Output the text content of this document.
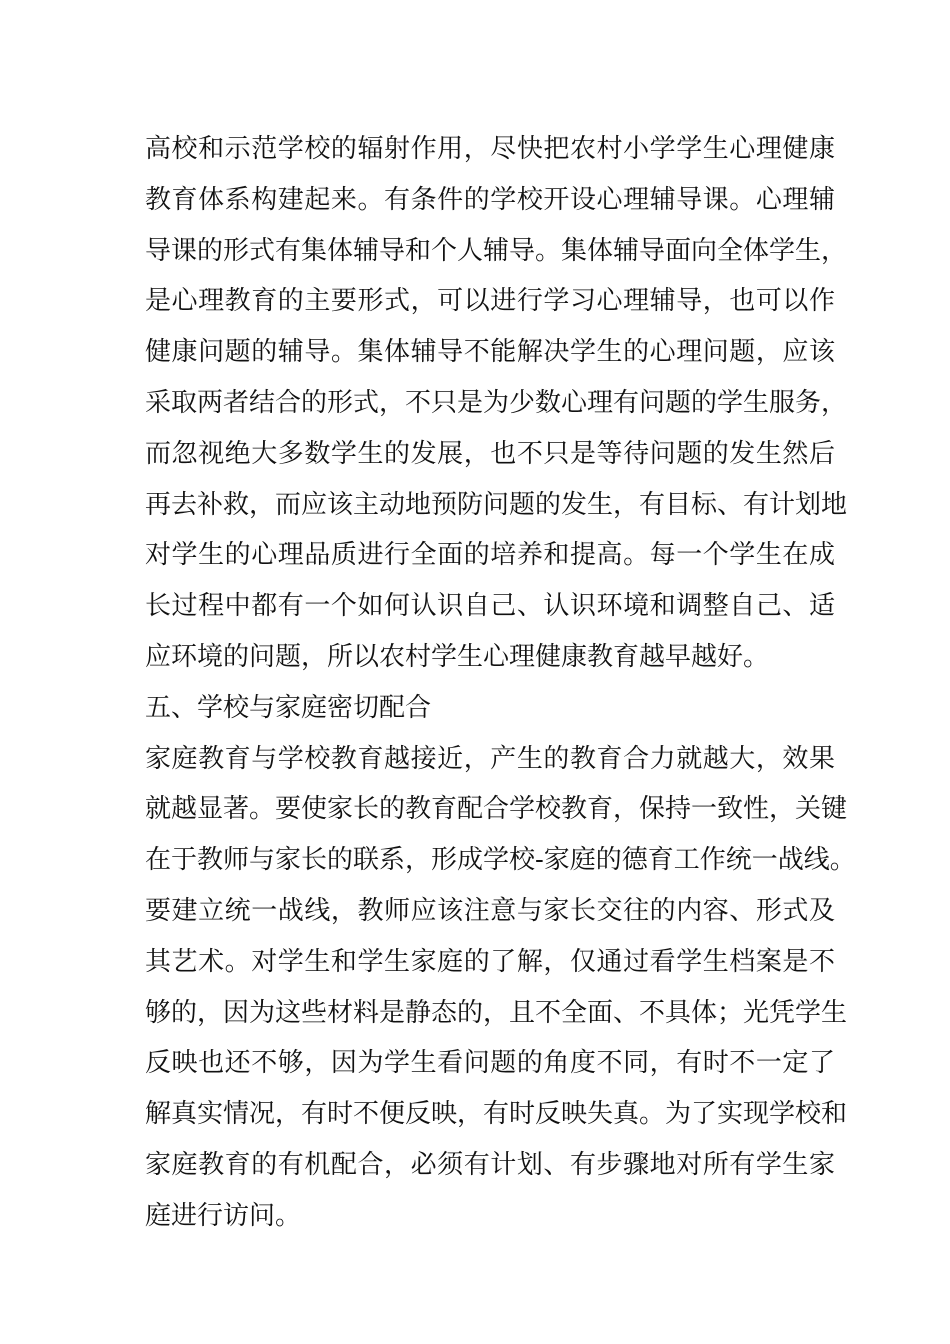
高校和示范学校的辐射作用，尽快把农村小学学生心理健康
教育体系构建起来。有条件的学校开设心理辅导课。心理辅
导课的形式有集体辅导和个人辅导。集体辅导面向全体学生，
是心理教育的主要形式，可以进行学习心理辅导，也可以作
健康问题的辅导。集体辅导不能解决学生的心理问题，应该
采取两者结合的形式，不只是为少数心理有问题的学生服务，
而忽视绝大多数学生的发展，也不只是等待问题的发生然后
再去补救，而应该主动地预防问题的发生，有目标、有计划地
对学生的心理品质进行全面的培养和提高。每一个学生在成
长过程中都有一个如何认识自己、认识环境和调整自己、适
应环境的问题，所以农村学生心理健康教育越早越好。
五、学校与家庭密切配合
家庭教育与学校教育越接近，产生的教育合力就越大，效果
就越显著。要使家长的教育配合学校教育，保持一致性，关键
在于教师与家长的联系，形成学校-家庭的德育工作统一战线。
要建立统一战线，教师应该注意与家长交往的内容、形式及
其艺术。对学生和学生家庭的了解，仅通过看学生档案是不
够的，因为这些材料是静态的，且不全面、不具体；光凭学生
反映也还不够，因为学生看问题的角度不同，有时不一定了
解真实情况，有时不便反映，有时反映失真。为了实现学校和
家庭教育的有机配合，必须有计划、有步骤地对所有学生家
庭进行访问。
